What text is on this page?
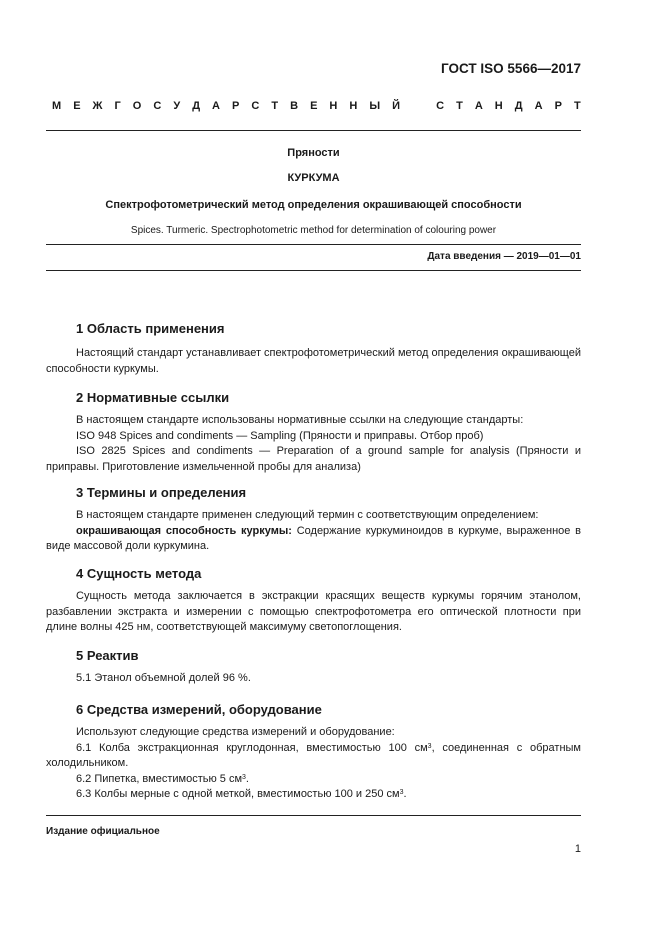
ГОСТ ISO 5566—2017
М Е Ж Г О С У Д А Р С Т В Е Н Н Ы Й	С Т А Н Д А Р Т
Пряности
КУРКУМА
Спектрофотометрический метод определения окрашивающей способности
Spices. Turmeric. Spectrophotometric method for determination of colouring power
Дата введения — 2019—01—01
1 Область применения

Настоящий стандарт устанавливает спектрофотометрический метод определения окрашивающей способности куркумы.

2 Нормативные ссылки

В настоящем стандарте использованы нормативные ссылки на следующие стандарты:

ISO 948 Spices and condiments — Sampling (Пряности и приправы. Отбор проб)

ISO 2825 Spices and condiments — Preparation of a ground sample for analysis (Пряности и приправы. Приготовление измельченной пробы для анализа)

3 Термины и определения

В настоящем стандарте применен следующий термин с соответствующим определением:

окрашивающая способность куркумы: Содержание куркуминоидов в куркуме, выраженное в виде массовой доли куркумина.

4 Сущность метода

Сущность метода заключается в экстракции красящих веществ куркумы горячим этанолом, разбавлении экстракта и измерении с помощью спектрофотометра его оптической плотности при длине волны 425 нм, соответствующей максимуму светопоглощения.

5 Реактив

5.1 Этанол объемной долей 96 %.

6 Средства измерений, оборудование

Используют следующие средства измерений и оборудование:

6.1 Колба экстракционная круглодонная, вместимостью 100 $см^3$, соединенная с обратным холодильником.

6.2 Пипетка, вместимостью 5 $см^3$.

6.3 Колбы мерные с одной меткой, вместимостью 100 и 250 $см^3$.

Издание официальное
1
